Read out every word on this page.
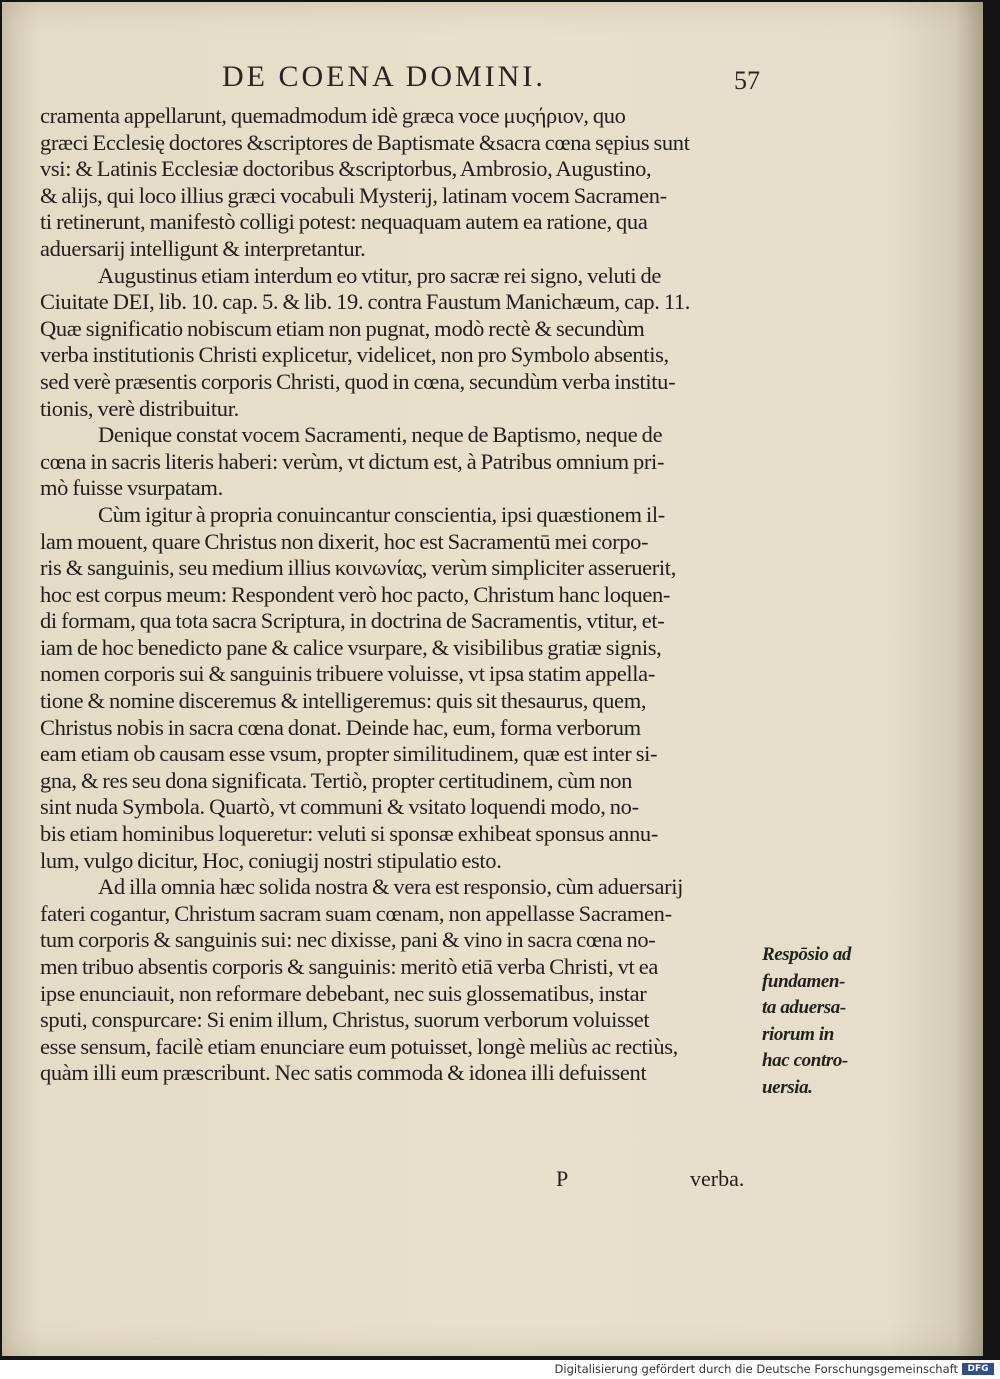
DE COENA DOMINI.	57
cramenta appellarunt, quemadmodum idè græca voce μυςήριον, quo
græci Ecclesię doctores &scriptores de Baptismate &sacra cœna sępius sunt
vsi: & Latinis Ecclesiæ doctoribus &scriptorbus, Ambrosio, Augustino,
& alijs, qui loco illius græci vocabuli Mysterij, latinam vocem Sacramen-
ti retinerunt, manifestò colligi potest: nequaquam autem ea ratione, qua
aduersarij intelligunt & interpretantur.
Augustinus etiam interdum eo vtitur, pro sacræ rei signo, veluti de
Ciuitate DEI, lib. 10. cap. 5. & lib. 19. contra Faustum Manichæum, cap. 11.
Quæ significatio nobiscum etiam non pugnat, modò rectè & secundùm
verba institutionis Christi explicetur, videlicet, non pro Symbolo absentis,
sed verè præsentis corporis Christi, quod in cœna, secundùm verba institu-
tionis, verè distribuitur.
Denique constat vocem Sacramenti, neque de Baptismo, neque de
cœna in sacris literis haberi: verùm, vt dictum est, à Patribus omnium pri-
mò fuisse vsurpatam.
Cùm igitur à propria conuincantur conscientia, ipsi quæstionem il-
lam mouent, quare Christus non dixerit, hoc est Sacramentū mei corpo-
ris & sanguinis, seu medium illius κοινωνίας, verùm simpliciter asseruerit,
hoc est corpus meum: Respondent verò hoc pacto, Christum hanc loquen-
di formam, qua tota sacra Scriptura, in doctrina de Sacramentis, vtitur, et-
iam de hoc benedicto pane & calice vsurpare, & visibilibus gratiæ signis,
nomen corporis sui & sanguinis tribuere voluisse, vt ipsa statim appella-
tione & nomine disceremus & intelligeremus: quis sit thesaurus, quem,
Christus nobis in sacra cœna donat. Deinde hac, eum, forma verborum
eam etiam ob causam esse vsum, propter similitudinem, quæ est inter si-
gna, & res seu dona significata. Tertiò, propter certitudinem, cùm non
sint nuda Symbola. Quartò, vt communi & vsitato loquendi modo, no-
bis etiam hominibus loqueretur: veluti si sponsæ exhibeat sponsus annu-
lum, vulgo dicitur, Hoc, coniugij nostri stipulatio esto.
Ad illa omnia hæc solida nostra & vera est responsio, cùm aduersarij
fateri cogantur, Christum sacram suam cœnam, non appellasse Sacramen-
tum corporis & sanguinis sui: nec dixisse, pani & vino in sacra cœna no-
men tribuo absentis corporis & sanguinis: meritò etiā verba Christi, vt ea
ipse enunciauit, non reformare debebant, nec suis glossematibus, instar
sputi, conspurcare: Si enim illum, Christus, suorum verborum voluisset
esse sensum, facilè etiam enunciare eum potuisset, longè meliùs ac rectiùs,
quàm illi eum præscribunt. Nec satis commoda & idonea illi defuissent
Respōsio ad
fundamen-
ta aduersa-
riorum in
hac contro-
uersia.
P	verba.
Digitalisierung gefördert durch die Deutsche Forschungsgemeinschaft	DFG
